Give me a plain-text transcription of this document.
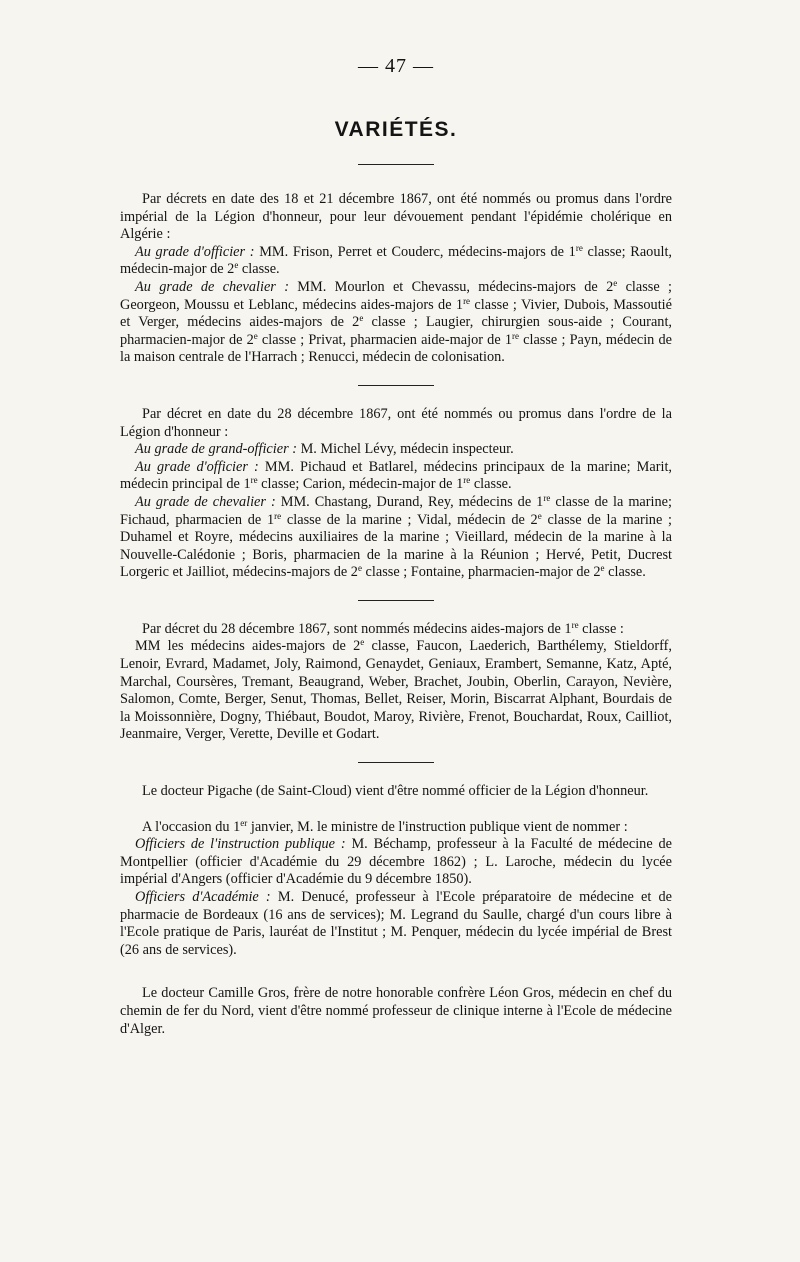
— 47 —
VARIÉTÉS.

Par décrets en date des 18 et 21 décembre 1867, ont été nommés ou promus dans l'ordre impérial de la Légion d'honneur, pour leur dévouement pendant l'épidémie cholérique en Algérie :

Au grade d'officier : MM. Frison, Perret et Couderc, médecins-majors de 1re classe; Raoult, médecin-major de 2e classe.

Au grade de chevalier : MM. Mourlon et Chevassu, médecins-majors de 2e classe ; Georgeon, Moussu et Leblanc, médecins aides-majors de 1re classe ; Vivier, Dubois, Massoutié et Verger, médecins aides-majors de 2e classe ; Laugier, chirurgien sous-aide ; Courant, pharmacien-major de 2e classe ; Privat, pharmacien aide-major de 1re classe ; Payn, médecin de la maison centrale de l'Harrach ; Renucci, médecin de colonisation.

Par décret en date du 28 décembre 1867, ont été nommés ou promus dans l'ordre de la Légion d'honneur :

Au grade de grand-officier : M. Michel Lévy, médecin inspecteur.

Au grade d'officier : MM. Pichaud et Batlarel, médecins principaux de la marine; Marit, médecin principal de 1re classe; Carion, médecin-major de 1re classe.

Au grade de chevalier : MM. Chastang, Durand, Rey, médecins de 1re classe de la marine; Fichaud, pharmacien de 1re classe de la marine ; Vidal, médecin de 2e classe de la marine ; Duhamel et Royre, médecins auxiliaires de la marine ; Vieillard, médecin de la marine à la Nouvelle-Calédonie ; Boris, pharmacien de la marine à la Réunion ; Hervé, Petit, Ducrest Lorgeric et Jailliot, médecins-majors de 2e classe ; Fontaine, pharmacien-major de 2e classe.

Par décret du 28 décembre 1867, sont nommés médecins aides-majors de 1re classe :

MM les médecins aides-majors de 2e classe, Faucon, Laederich, Barthélemy, Stieldorff, Lenoir, Evrard, Madamet, Joly, Raimond, Genaydet, Geniaux, Erambert, Semanne, Katz, Apté, Marchal, Coursères, Tremant, Beaugrand, Weber, Brachet, Joubin, Oberlin, Carayon, Nevière, Salomon, Comte, Berger, Senut, Thomas, Bellet, Reiser, Morin, Biscarrat Alphant, Bourdais de la Moissonnière, Dogny, Thiébaut, Boudot, Maroy, Rivière, Frenot, Bouchardat, Roux, Cailliot, Jeanmaire, Verger, Verette, Deville et Godart.

Le docteur Pigache (de Saint-Cloud) vient d'être nommé officier de la Légion d'honneur.

A l'occasion du 1er janvier, M. le ministre de l'instruction publique vient de nommer :

Officiers de l'instruction publique : M. Béchamp, professeur à la Faculté de médecine de Montpellier (officier d'Académie du 29 décembre 1862) ; L. Laroche, médecin du lycée impérial d'Angers (officier d'Académie du 9 décembre 1850).

Officiers d'Académie : M. Denucé, professeur à l'Ecole préparatoire de médecine et de pharmacie de Bordeaux (16 ans de services); M. Legrand du Saulle, chargé d'un cours libre à l'Ecole pratique de Paris, lauréat de l'Institut ; M. Penquer, médecin du lycée impérial de Brest (26 ans de services).

Le docteur Camille Gros, frère de notre honorable confrère Léon Gros, médecin en chef du chemin de fer du Nord, vient d'être nommé professeur de clinique interne à l'Ecole de médecine d'Alger.
